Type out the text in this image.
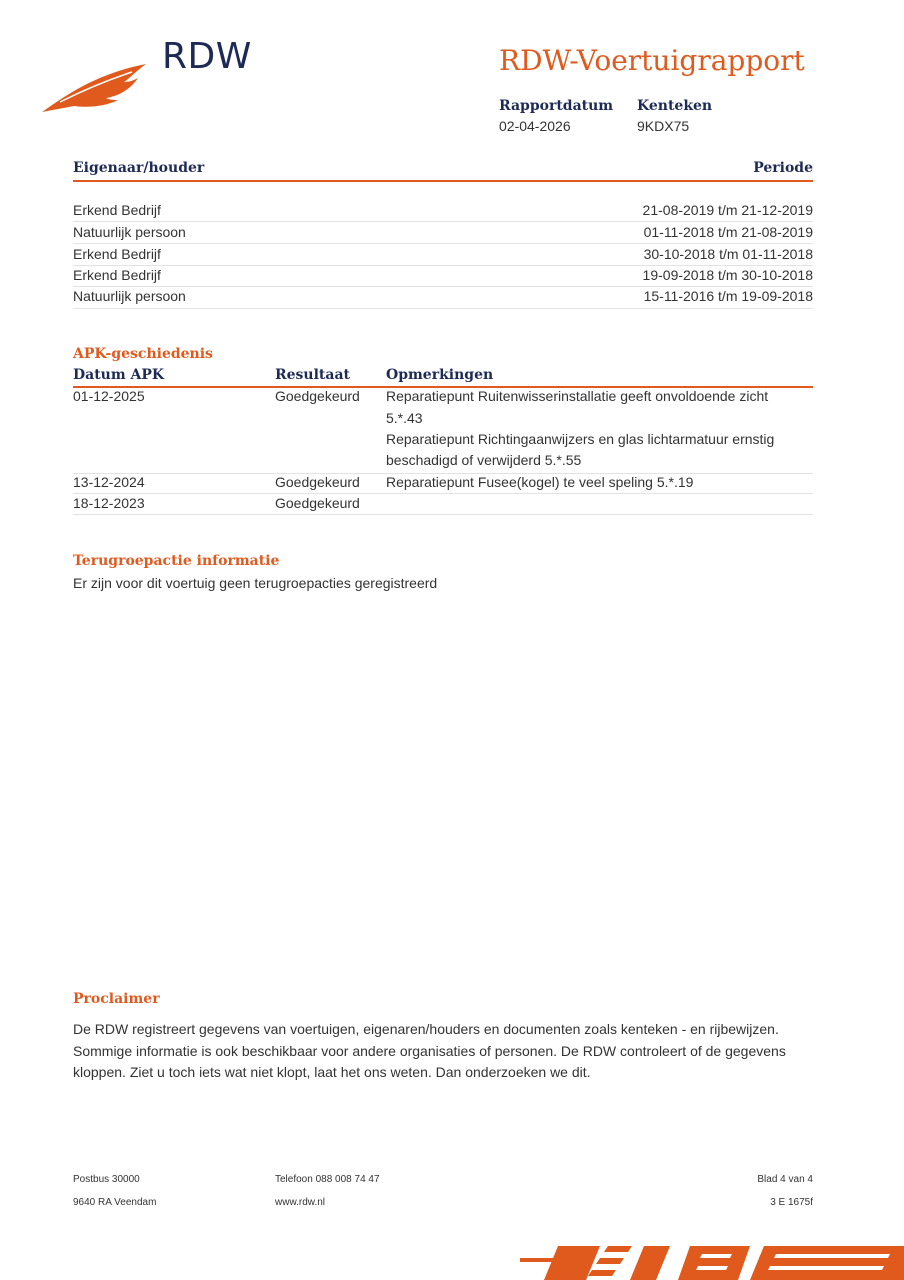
RDW	RDW-Voertuigrapport
Rapportdatum
02-04-2026
Kenteken
9KDX75
Eigenaar/houder	Periode
Erkend Bedrijf	21-08-2019 t/m 21-12-2019
Natuurlijk persoon	01-11-2018 t/m 21-08-2019
Erkend Bedrijf	30-10-2018 t/m 01-11-2018
Erkend Bedrijf	19-09-2018 t/m 30-10-2018
Natuurlijk persoon	15-11-2016 t/m 19-09-2018
APK-geschiedenis
Datum APK	Resultaat	Opmerkingen
01-12-2025	Goedgekeurd Reparatiepunt Ruitenwisserinstallatie geeft onvoldoende zicht
5.*.43
Reparatiepunt Richtingaanwijzers en glas lichtarmatuur ernstig
beschadigd of verwijderd 5.*.55
13-12-2024	Goedgekeurd Reparatiepunt Fusee(kogel) te veel speling 5.*.19
18-12-2023	Goedgekeurd
Terugroepactie informatie
Er zijn voor dit voertuig geen terugroepacties geregistreerd
Proclaimer
De RDW registreert gegevens van voertuigen, eigenaren/houders en documenten zoals kenteken - en rijbewijzen.
Sommige informatie is ook beschikbaar voor andere organisaties of personen. De RDW controleert of de gegevens
kloppen. Ziet u toch iets wat niet klopt, laat het ons weten. Dan onderzoeken we dit.
Postbus 30000
9640 RA Veendam
Telefoon 088 008 74 47
www.rdw.nl
Blad 4 van 4
3 E 1675f
